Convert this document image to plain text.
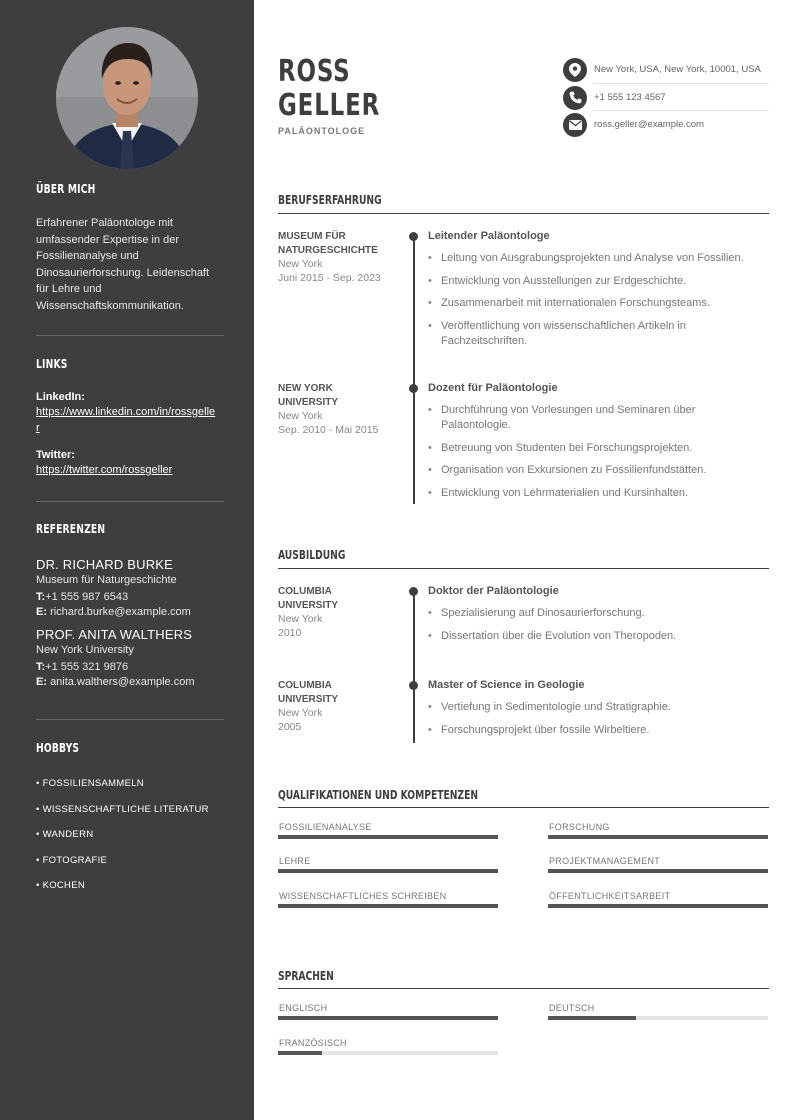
ÜBER MICH
Erfahrener Paläontologe mit umfassender Expertise in der Fossilienanalyse und Dinosaurierforschung. Leidenschaft für Lehre und Wissenschaftskommunikation.
LINKS
LinkedIn:
https://www.linkedin.com/in/rossgeller
Twitter:
https://twitter.com/rossgeller
REFERENZEN
DR. RICHARD BURKE
Museum für Naturgeschichte
T:+1 555 987 6543
E: richard.burke@example.com
PROF. ANITA WALTHERS
New York University
T:+1 555 321 9876
E: anita.walthers@example.com
HOBBYS
• FOSSILIENSAMMELN
• WISSENSCHAFTLICHE LITERATUR
• WANDERN
• FOTOGRAFIE
• KOCHEN
ROSS
GELLER
PALÄONTOLOGE
New York, USA, New York, 10001, USA
+1 555 123 4567
ross.geller@example.com
BERUFSERFAHRUNG
MUSEUM FÜR NATURGESCHICHTE
New York
Juni 2015 - Sep. 2023
Leitender Paläontologe
• Leitung von Ausgrabungsprojekten und Analyse von Fossilien.
• Entwicklung von Ausstellungen zur Erdgeschichte.
• Zusammenarbeit mit internationalen Forschungsteams.
• Veröffentlichung von wissenschaftlichen Artikeln in Fachzeitschriften.
NEW YORK UNIVERSITY
New York
Sep. 2010 - Mai 2015
Dozent für Paläontologie
• Durchführung von Vorlesungen und Seminaren über Paläontologie.
• Betreuung von Studenten bei Forschungsprojekten.
• Organisation von Exkursionen zu Fossilienfundstätten.
• Entwicklung von Lehrmaterialien und Kursinhalten.
AUSBILDUNG
COLUMBIA UNIVERSITY
New York
2010
Doktor der Paläontologie
• Spezialisierung auf Dinosaurierforschung.
• Dissertation über die Evolution von Theropoden.
COLUMBIA UNIVERSITY
New York
2005
Master of Science in Geologie
• Vertiefung in Sedimentologie und Stratigraphie.
• Forschungsprojekt über fossile Wirbeltiere.
QUALIFIKATIONEN UND KOMPETENZEN
FOSSILIENANALYSE	FORSCHUNG
LEHRE	PROJEKTMANAGEMENT
WISSENSCHAFTLICHES SCHREIBEN	ÖFFENTLICHKEITSARBEIT
SPRACHEN
ENGLISCH	DEUTSCH
FRANZÖSISCH
